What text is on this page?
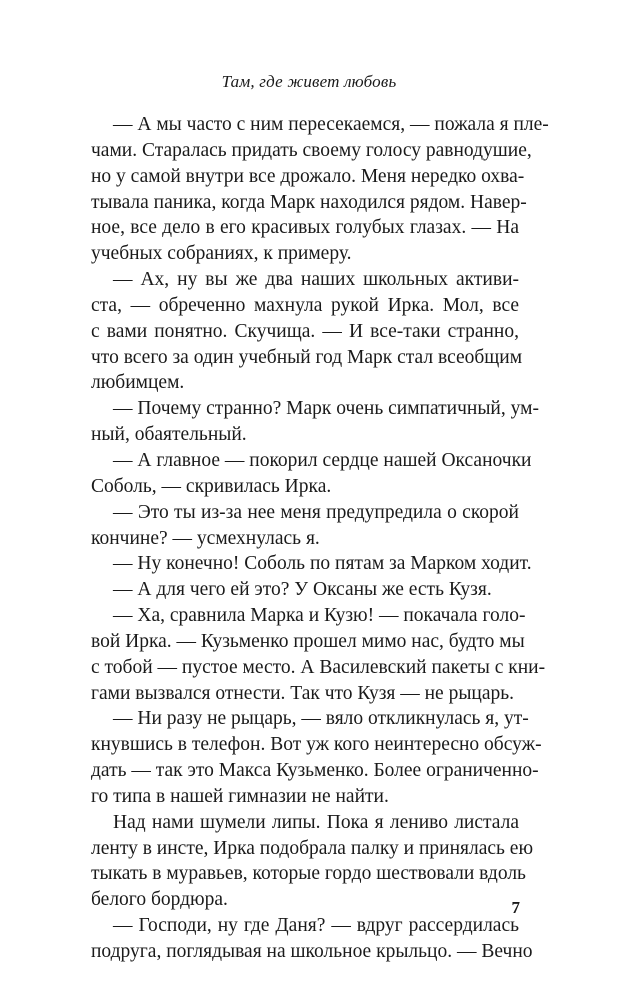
Там, где живет любовь
— А мы часто с ним пересекаемся, — пожала я пле-
чами. Старалась придать своему голосу равнодушие,
но у самой внутри все дрожало. Меня нередко охва-
тывала паника, когда Марк находился рядом. Навер-
ное, все дело в его красивых голубых глазах. — На
учебных собраниях, к примеру.
— Ах, ну вы же два наших школьных активи-
ста, — обреченно махнула рукой Ирка. Мол, все
с вами понятно. Скучища. — И все-таки странно,
что всего за один учебный год Марк стал всеобщим
любимцем.
— Почему странно? Марк очень симпатичный, ум-
ный, обаятельный.
— А главное — покорил сердце нашей Оксаночки
Соболь, — скривилась Ирка.
— Это ты из-за нее меня предупредила о скорой
кончине? — усмехнулась я.
— Ну конечно! Соболь по пятам за Марком ходит.
— А для чего ей это? У Оксаны же есть Кузя.
— Ха, сравнила Марка и Кузю! — покачала голо-
вой Ирка. — Кузьменко прошел мимо нас, будто мы
с тобой — пустое место. А Василевский пакеты с кни-
гами вызвался отнести. Так что Кузя — не рыцарь.
— Ни разу не рыцарь, — вяло откликнулась я, ут-
кнувшись в телефон. Вот уж кого неинтересно обсуж-
дать — так это Макса Кузьменко. Более ограниченно-
го типа в нашей гимназии не найти.
Над нами шумели липы. Пока я лениво листала
ленту в инсте, Ирка подобрала палку и принялась ею
тыкать в муравьев, которые гордо шествовали вдоль
белого бордюра.
— Господи, ну где Даня? — вдруг рассердилась
подруга, поглядывая на школьное крыльцо. — Вечно
7
